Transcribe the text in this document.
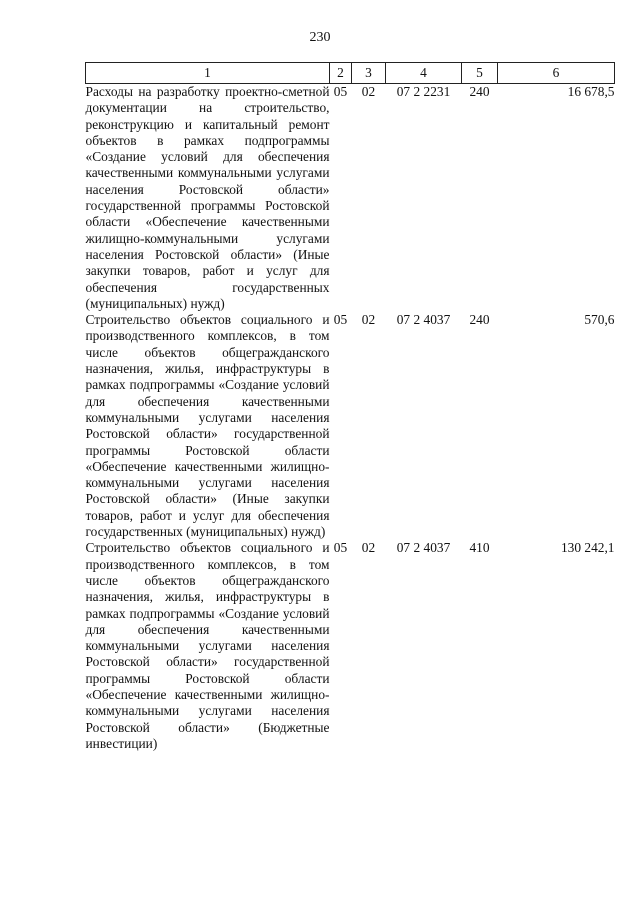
230
1	2	3	4	5	6
Расходы на разработку проектно-сметной документации на строительство, реконструкцию и капитальный ремонт объектов в рамках подпрограммы «Создание условий для обеспечения качественными коммунальными услугами населения Ростовской области» государственной программы Ростовской области «Обеспечение качественными жилищно-коммунальными услугами населения Ростовской области» (Иные закупки товаров, работ и услуг для обеспечения государственных (муниципальных) нужд)	05	02	07 2 2231	240	16 678,5
Строительство объектов социального и производственного комплексов, в том числе объектов общегражданского назначения, жилья, инфраструктуры в рамках подпрограммы «Создание условий для обеспечения качественными коммунальными услугами населения Ростовской области» государственной программы Ростовской области «Обеспечение качественными жилищно-коммунальными услугами населения Ростовской области» (Иные закупки товаров, работ и услуг для обеспечения государственных (муниципальных) нужд)	05	02	07 2 4037	240	570,6
Строительство объектов социального и производственного комплексов, в том числе объектов общегражданского назначения, жилья, инфраструктуры в рамках подпрограммы «Создание условий для обеспечения качественными коммунальными услугами населения Ростовской области» государственной программы Ростовской области «Обеспечение качественными жилищно-коммунальными услугами населения Ростовской области» (Бюджетные инвестиции)	05	02	07 2 4037	410	130 242,1
